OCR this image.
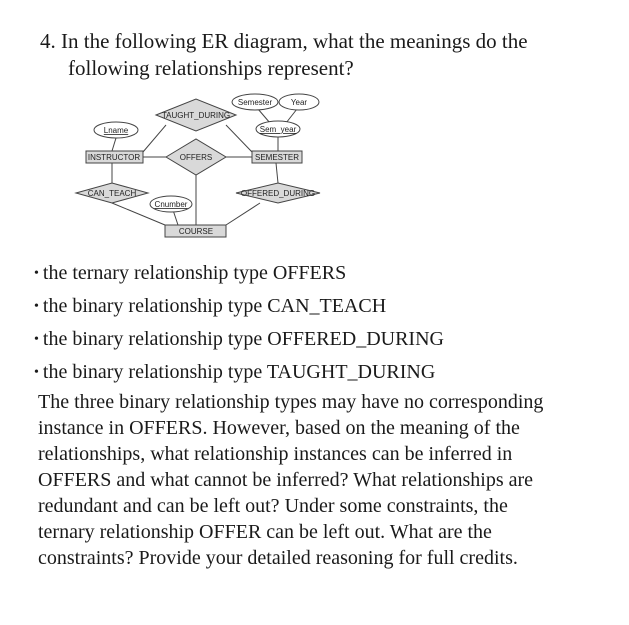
4. In the following ER diagram, what the meanings do the
following relationships represent?
Lname
Semester Year
Sem_year
Cnumber
TAUGHT_DURING
OFFERS
CAN_TEACH	OFFERED_DURING
INSTRUCTOR	SEMESTER
COURSE
• the ternary relationship type OFFERS
• the binary relationship type CAN_TEACH
• the binary relationship type OFFERED_DURING
• the binary relationship type TAUGHT_DURING
The three binary relationship types may have no corresponding
instance in OFFERS. However, based on the meaning of the
relationships, what relationship instances can be inferred in
OFFERS and what cannot be inferred? What relationships are
redundant and can be left out? Under some constraints, the
ternary relationship OFFER can be left out. What are the
constraints? Provide your detailed reasoning for full credits.
